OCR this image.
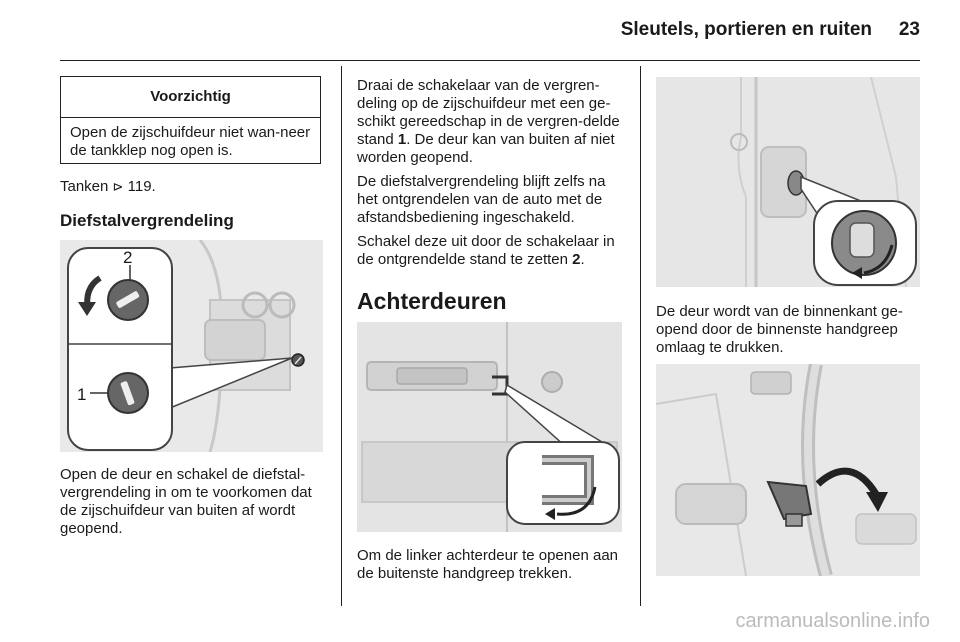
Sleutels, portieren en ruiten 23
Voorzichtig
Open de zijschuifdeur niet wan-neer de tankklep nog open is.
Tanken ⊳ 119.
Diefstalvergrendeling
2
1
Open de deur en schakel de diefstal-vergrendeling in om te voorkomen dat de zijschuifdeur van buiten af wordt geopend.

Draai de schakelaar van de vergren-deling op de zijschuifdeur met een ge-schikt gereedschap in de vergren-delde stand 1. De deur kan van buiten af niet worden geopend.

De diefstalvergrendeling blijft zelfs na het ontgrendelen van de auto met de afstandsbediening ingeschakeld.

Schakel deze uit door de schakelaar in de ontgrendelde stand te zetten 2.

Achterdeuren
Om de linker achterdeur te openen aan de buitenste handgreep trekken.
De deur wordt van de binnenkant ge-opend door de binnenste handgreep omlaag te drukken.
carmanualsonline.info
